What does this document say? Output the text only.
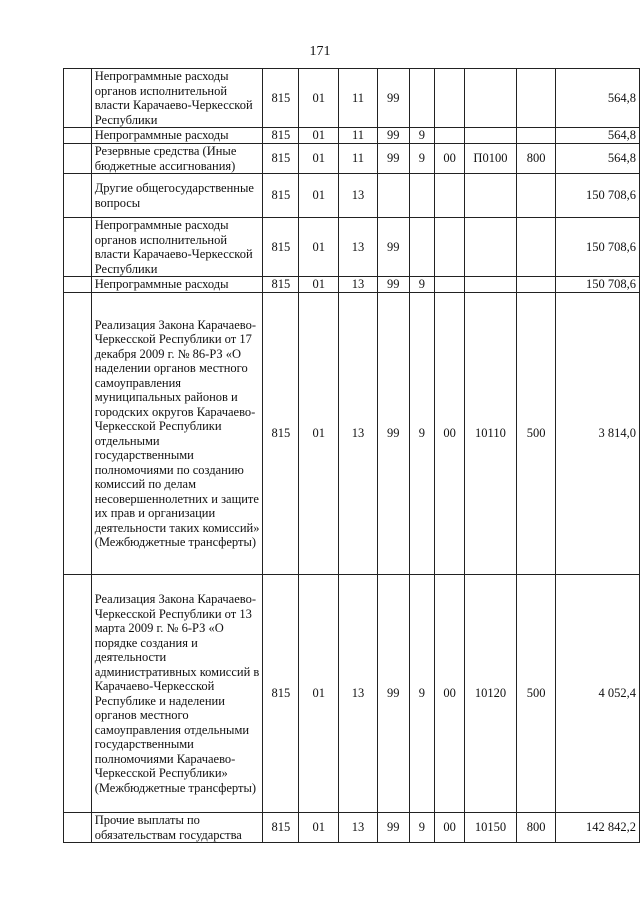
171
	Непрограммные расходы органов исполнительной власти Карачаево-Черкесской Республики	815	01	11	99					564,8
	Непрограммные расходы	815	01	11	99	9				564,8
	Резервные средства (Иные бюджетные ассигнования)	815	01	11	99	9	00	П0100	800	564,8
	Другие общегосударственные вопросы	815	01	13						150 708,6
	Непрограммные расходы органов исполнительной власти Карачаево-Черкесской Республики	815	01	13	99					150 708,6
	Непрограммные расходы	815	01	13	99	9				150 708,6
	Реализация Закона Карачаево-Черкесской Республики от 17 декабря 2009 г. № 86-РЗ «О наделении органов местного самоуправления муниципальных районов и городских округов Карачаево-Черкесской Республики отдельными государственными полномочиями по созданию комиссий по делам несовершеннолетних и защите их прав и организации деятельности таких комиссий» (Межбюджетные трансферты)	815	01	13	99	9	00	10110	500	3 814,0
	Реализация Закона Карачаево-Черкесской Республики от 13 марта 2009 г. № 6-РЗ «О порядке создания и деятельности административных комиссий в Карачаево-Черкесской Республике и наделении органов местного самоуправления отдельными государственными полномочиями Карачаево-Черкесской Республики» (Межбюджетные трансферты)	815	01	13	99	9	00	10120	500	4 052,4
	Прочие выплаты по обязательствам государства	815	01	13	99	9	00	10150	800	142 842,2
